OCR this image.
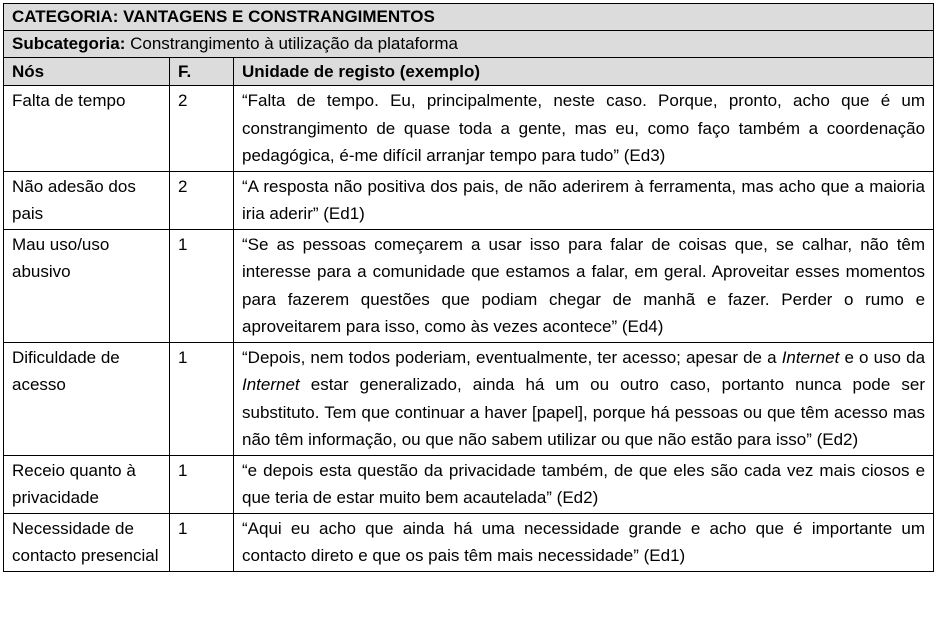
CATEGORIA: VANTAGENS E CONSTRANGIMENTOS		
Subcategoria: Constrangimento à utilização da plataforma		
Nós	F.	Unidade de registo (exemplo)
Falta de tempo	2	“Falta de tempo. Eu, principalmente, neste caso. Porque, pronto, acho que é um constrangimento de quase toda a gente, mas eu, como faço também a coordenação pedagógica, é-me difícil arranjar tempo para tudo” (Ed3)
Não adesão dos pais	2	“A resposta não positiva dos pais, de não aderirem à ferramenta, mas acho que a maioria iria aderir” (Ed1)
Mau uso/uso abusivo	1	“Se as pessoas começarem a usar isso para falar de coisas que, se calhar, não têm interesse para a comunidade que estamos a falar, em geral. Aproveitar esses momentos para fazerem questões que podiam chegar de manhã e fazer. Perder o rumo e aproveitarem para isso, como às vezes acontece” (Ed4)
Dificuldade de acesso	1	“Depois, nem todos poderiam, eventualmente, ter acesso; apesar de a Internet e o uso da Internet estar generalizado, ainda há um ou outro caso, portanto nunca pode ser substituto. Tem que continuar a haver [papel], porque há pessoas ou que têm acesso mas não têm informação, ou que não sabem utilizar ou que não estão para isso” (Ed2)
Receio quanto à privacidade	1	“e depois esta questão da privacidade também, de que eles são cada vez mais ciosos e que teria de estar muito bem acautelada” (Ed2)
Necessidade de contacto presencial	1	“Aqui eu acho que ainda há uma necessidade grande e acho que é importante um contacto direto e que os pais têm mais necessidade” (Ed1)
